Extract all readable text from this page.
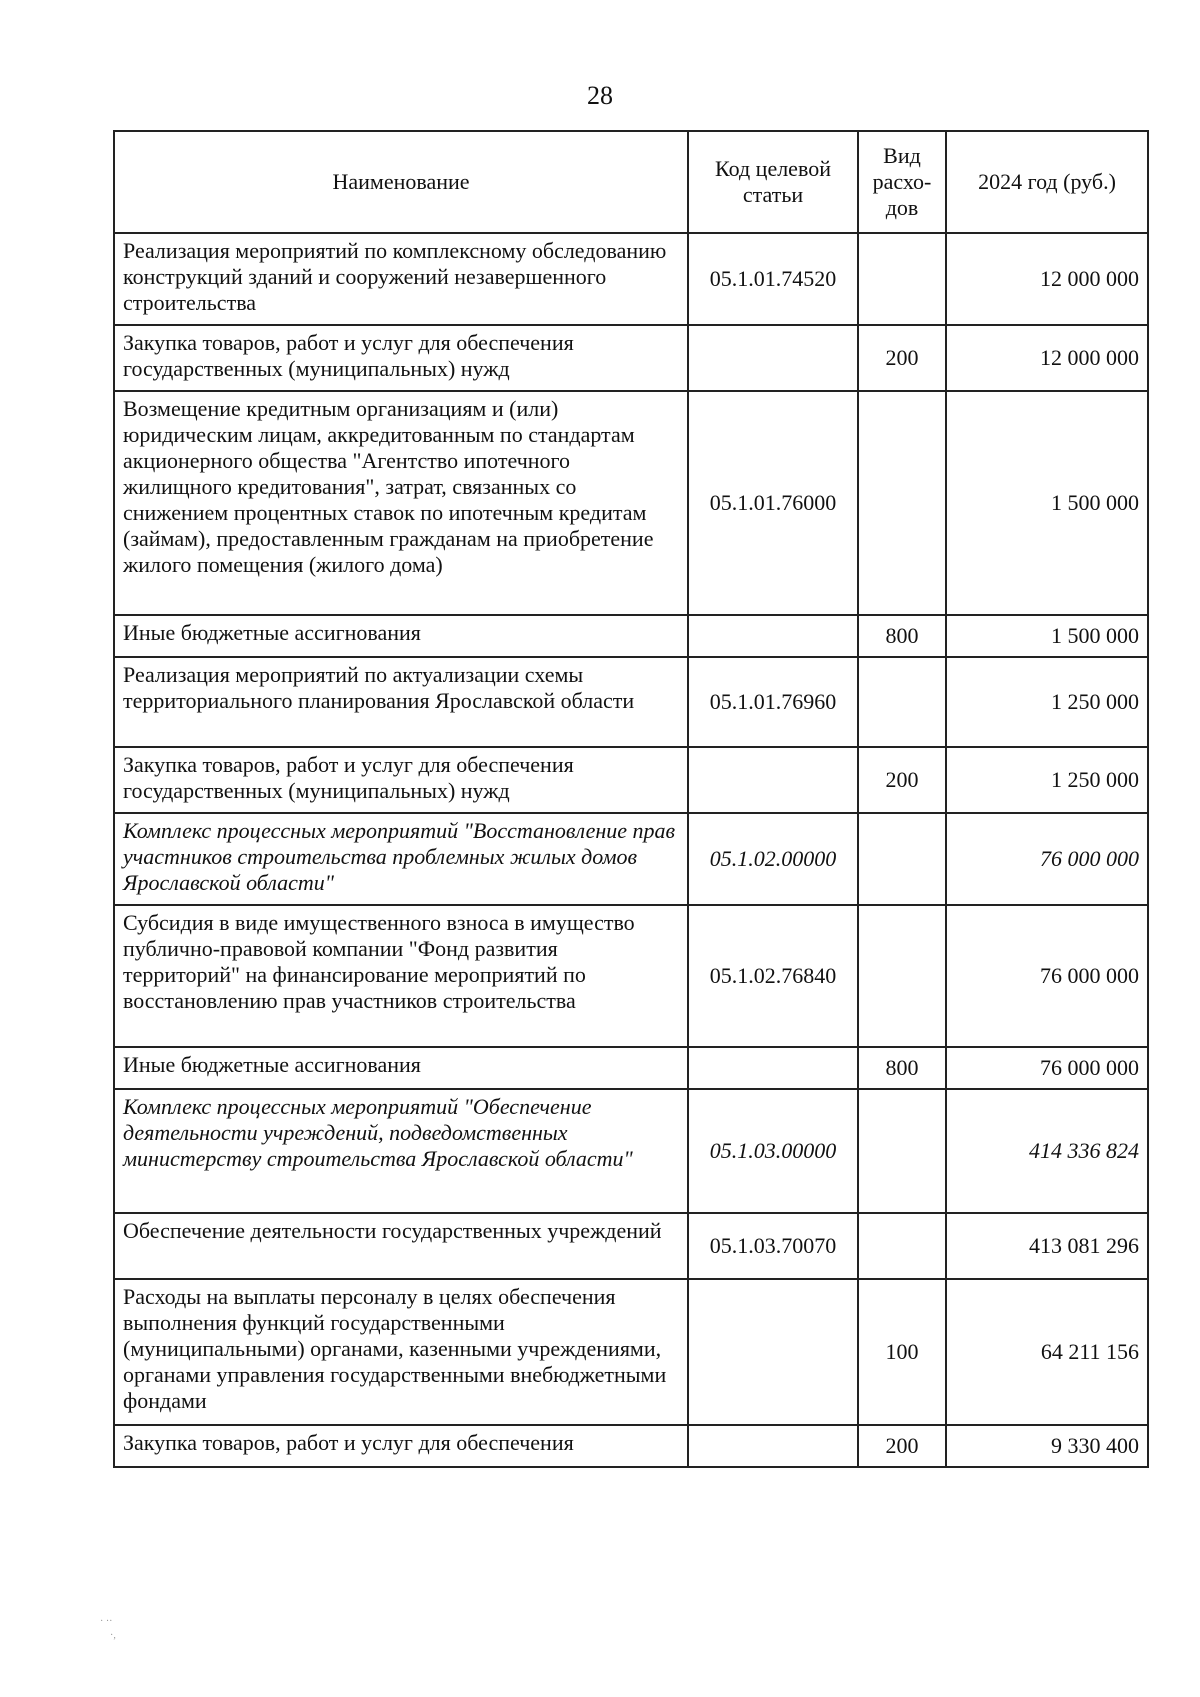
28
Наименование	Код целевой статьи	Вид расхо-дов	2024 год (руб.)
Реализация мероприятий по комплексному обследованию конструкций зданий и сооружений незавершенного строительства	05.1.01.74520		12 000 000
Закупка товаров, работ и услуг для обеспечения государственных (муниципальных) нужд		200	12 000 000
Возмещение кредитным организациям и (или) юридическим лицам, аккредитованным по стандартам акционерного общества "Агентство ипотечного жилищного кредитования", затрат, связанных со снижением процентных ставок по ипотечным кредитам (займам), предоставленным гражданам на приобретение жилого помещения (жилого дома)	05.1.01.76000		1 500 000
Иные бюджетные ассигнования		800	1 500 000
Реализация мероприятий по актуализации схемы территориального планирования Ярославской области	05.1.01.76960		1 250 000
Закупка товаров, работ и услуг для обеспечения государственных (муниципальных) нужд		200	1 250 000
Комплекс процессных мероприятий "Восстановление прав участников строительства проблемных жилых домов Ярославской области"	05.1.02.00000		76 000 000
Субсидия в виде имущественного взноса в имущество публично-правовой компании "Фонд развития территорий" на финансирование мероприятий по восстановлению прав участников строительства	05.1.02.76840		76 000 000
Иные бюджетные ассигнования		800	76 000 000
Комплекс процессных мероприятий "Обеспечение деятельности учреждений, подведомственных министерству строительства Ярославской области"	05.1.03.00000		414 336 824
Обеспечение деятельности государственных учреждений	05.1.03.70070		413 081 296
Расходы на выплаты персоналу в целях обеспечения выполнения функций государственными (муниципальными) органами, казенными учреждениями, органами управления государственными внебюджетными фондами		100	64 211 156
Закупка товаров, работ и услуг для обеспечения		200	9 330 400
· ··
·,
